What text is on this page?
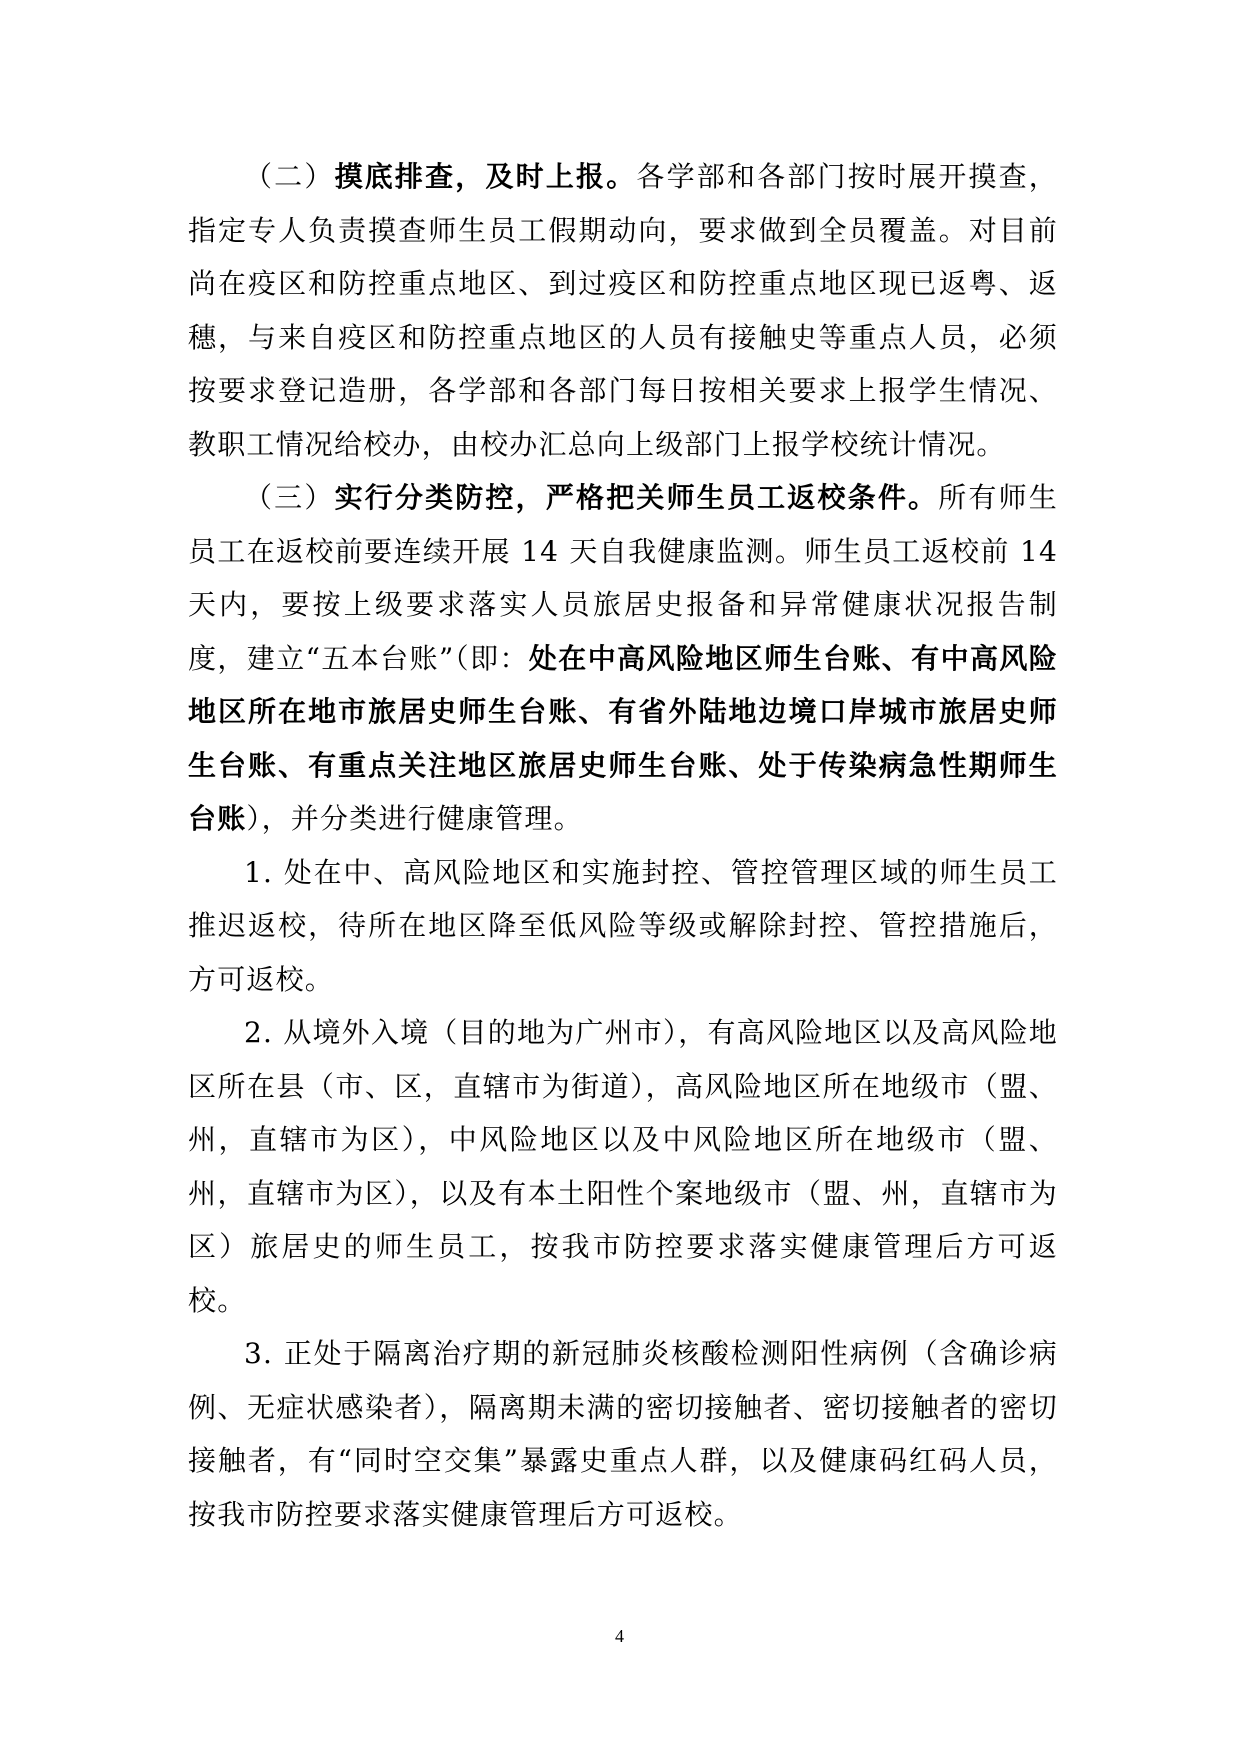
（二）摸底排查，及时上报。各学部和各部门按时展开摸查，指定专人负责摸查师生员工假期动向，要求做到全员覆盖。对目前尚在疫区和防控重点地区、到过疫区和防控重点地区现已返粤、返穗，与来自疫区和防控重点地区的人员有接触史等重点人员，必须按要求登记造册，各学部和各部门每日按相关要求上报学生情况、教职工情况给校办，由校办汇总向上级部门上报学校统计情况。

（三）实行分类防控，严格把关师生员工返校条件。所有师生员工在返校前要连续开展 14 天自我健康监测。师生员工返校前 14 天内，要按上级要求落实人员旅居史报备和异常健康状况报告制度，建立“五本台账”（即：处在中高风险地区师生台账、有中高风险地区所在地市旅居史师生台账、有省外陆地边境口岸城市旅居史师生台账、有重点关注地区旅居史师生台账、处于传染病急性期师生台账），并分类进行健康管理。

1. 处在中、高风险地区和实施封控、管控管理区域的师生员工推迟返校，待所在地区降至低风险等级或解除封控、管控措施后，方可返校。

2. 从境外入境（目的地为广州市），有高风险地区以及高风险地区所在县（市、区，直辖市为街道），高风险地区所在地级市（盟、州，直辖市为区），中风险地区以及中风险地区所在地级市（盟、州，直辖市为区），以及有本土阳性个案地级市（盟、州，直辖市为区）旅居史的师生员工，按我市防控要求落实健康管理后方可返校。

3. 正处于隔离治疗期的新冠肺炎核酸检测阳性病例（含确诊病例、无症状感染者），隔离期未满的密切接触者、密切接触者的密切接触者，有“同时空交集”暴露史重点人群，以及健康码红码人员，按我市防控要求落实健康管理后方可返校。

4
